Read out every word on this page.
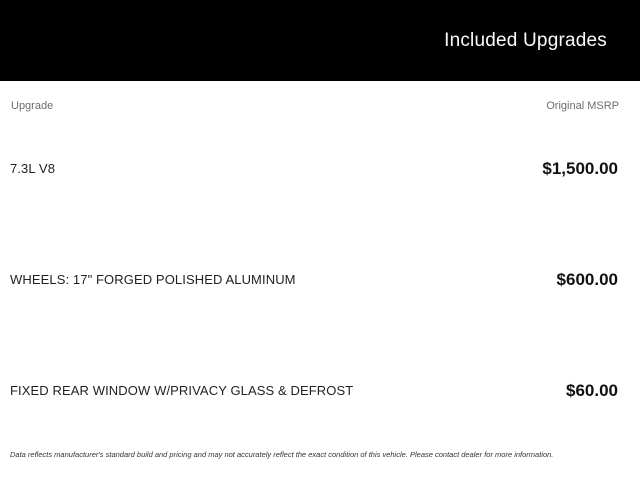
Included Upgrades
Upgrade	Original MSRP
7.3L V8	$1,500.00
WHEELS: 17" FORGED POLISHED ALUMINUM	$600.00
FIXED REAR WINDOW W/PRIVACY GLASS & DEFROST	$60.00
Data reflects manufacturer's standard build and pricing and may not accurately reflect the exact condition of this vehicle. Please contact dealer for more information.
